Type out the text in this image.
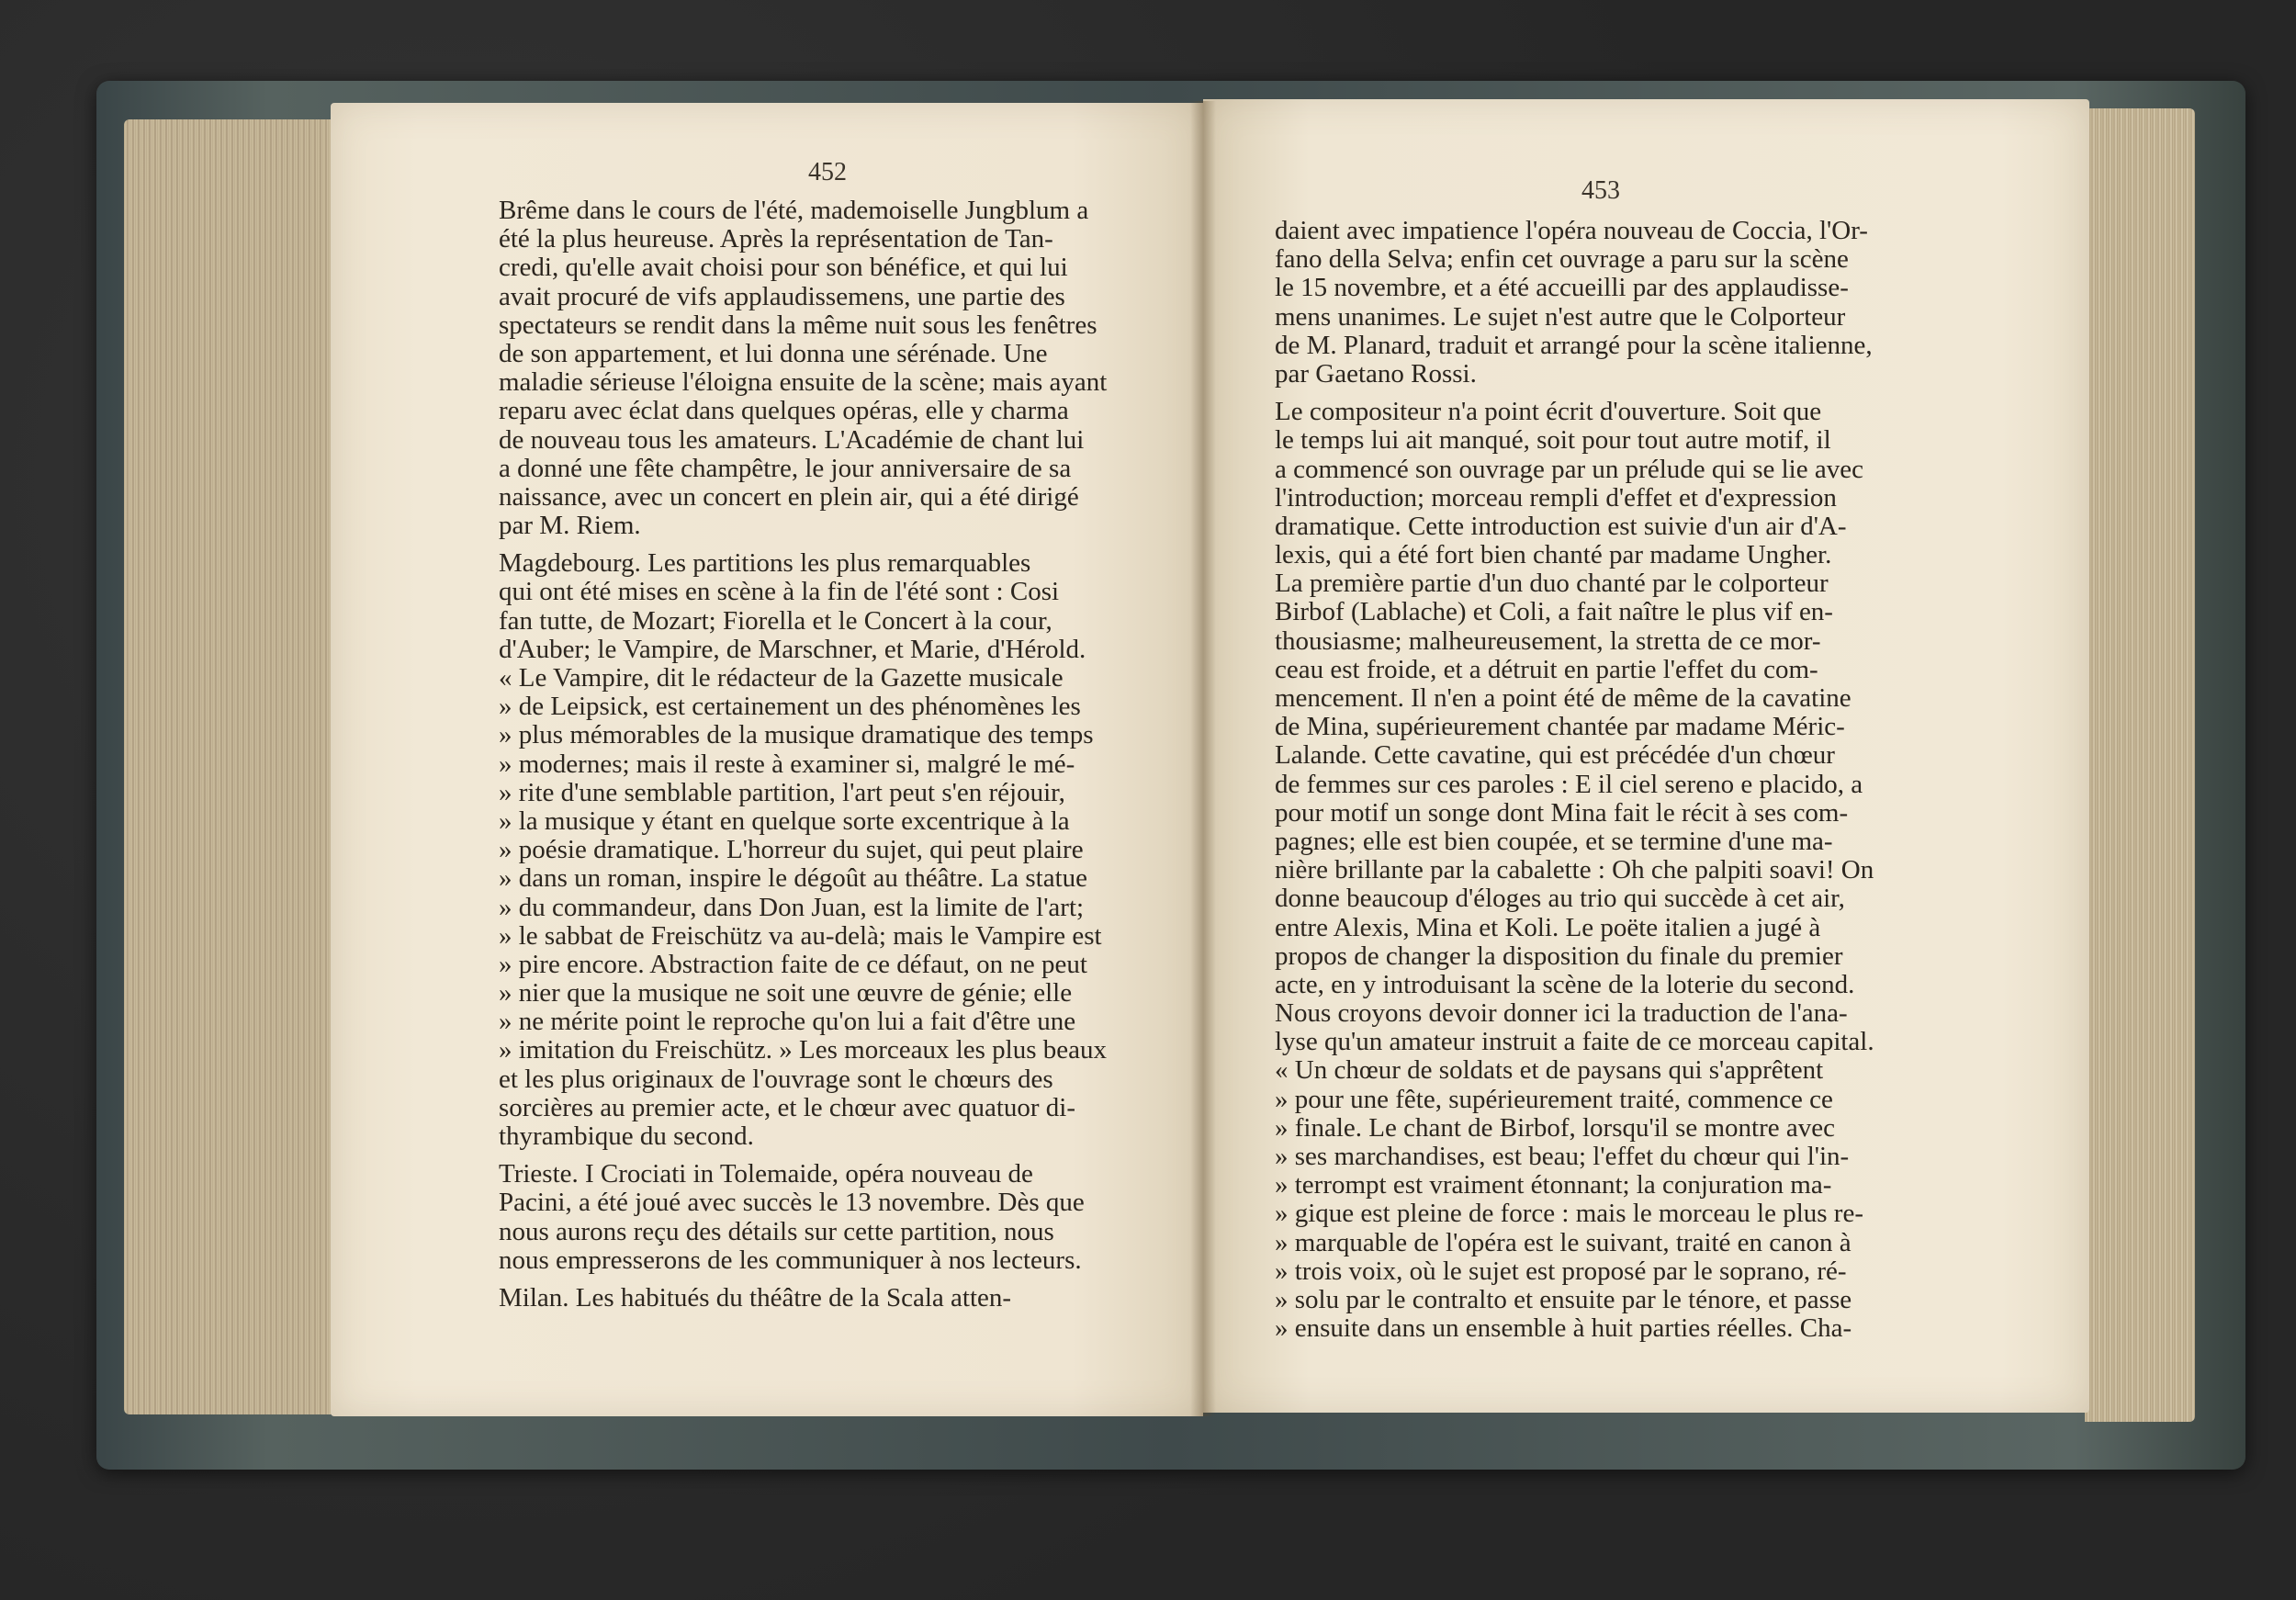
452
453
Brême dans le cours de l'été, mademoiselle Jungblum a
été la plus heureuse. Après la représentation de Tan-
credi, qu'elle avait choisi pour son bénéfice, et qui lui
avait procuré de vifs applaudissemens, une partie des
spectateurs se rendit dans la même nuit sous les fenêtres
de son appartement, et lui donna une sérénade. Une
maladie sérieuse l'éloigna ensuite de la scène; mais ayant
reparu avec éclat dans quelques opéras, elle y charma
de nouveau tous les amateurs. L'Académie de chant lui
a donné une fête champêtre, le jour anniversaire de sa
naissance, avec un concert en plein air, qui a été dirigé
par M. Riem.
Magdebourg. Les partitions les plus remarquables
qui ont été mises en scène à la fin de l'été sont : Cosi
fan tutte, de Mozart; Fiorella et le Concert à la cour,
d'Auber; le Vampire, de Marschner, et Marie, d'Hérold.
« Le Vampire, dit le rédacteur de la Gazette musicale
» de Leipsick, est certainement un des phénomènes les
» plus mémorables de la musique dramatique des temps
» modernes; mais il reste à examiner si, malgré le mé-
» rite d'une semblable partition, l'art peut s'en réjouir,
» la musique y étant en quelque sorte excentrique à la
» poésie dramatique. L'horreur du sujet, qui peut plaire
» dans un roman, inspire le dégoût au théâtre. La statue
» du commandeur, dans Don Juan, est la limite de l'art;
» le sabbat de Freischütz va au-delà; mais le Vampire est
» pire encore. Abstraction faite de ce défaut, on ne peut
» nier que la musique ne soit une œuvre de génie; elle
» ne mérite point le reproche qu'on lui a fait d'être une
» imitation du Freischütz. » Les morceaux les plus beaux
et les plus originaux de l'ouvrage sont le chœurs des
sorcières au premier acte, et le chœur avec quatuor di-
thyrambique du second.
Trieste. I Crociati in Tolemaide, opéra nouveau de
Pacini, a été joué avec succès le 13 novembre. Dès que
nous aurons reçu des détails sur cette partition, nous
nous empresserons de les communiquer à nos lecteurs.
Milan. Les habitués du théâtre de la Scala atten-
daient avec impatience l'opéra nouveau de Coccia, l'Or-
fano della Selva; enfin cet ouvrage a paru sur la scène
le 15 novembre, et a été accueilli par des applaudisse-
mens unanimes. Le sujet n'est autre que le Colporteur
de M. Planard, traduit et arrangé pour la scène italienne,
par Gaetano Rossi.
Le compositeur n'a point écrit d'ouverture. Soit que
le temps lui ait manqué, soit pour tout autre motif, il
a commencé son ouvrage par un prélude qui se lie avec
l'introduction; morceau rempli d'effet et d'expression
dramatique. Cette introduction est suivie d'un air d'A-
lexis, qui a été fort bien chanté par madame Ungher.
La première partie d'un duo chanté par le colporteur
Birbof (Lablache) et Coli, a fait naître le plus vif en-
thousiasme; malheureusement, la stretta de ce mor-
ceau est froide, et a détruit en partie l'effet du com-
mencement. Il n'en a point été de même de la cavatine
de Mina, supérieurement chantée par madame Méric-
Lalande. Cette cavatine, qui est précédée d'un chœur
de femmes sur ces paroles : E il ciel sereno e placido, a
pour motif un songe dont Mina fait le récit à ses com-
pagnes; elle est bien coupée, et se termine d'une ma-
nière brillante par la cabalette : Oh che palpiti soavi! On
donne beaucoup d'éloges au trio qui succède à cet air,
entre Alexis, Mina et Koli. Le poëte italien a jugé à
propos de changer la disposition du finale du premier
acte, en y introduisant la scène de la loterie du second.
Nous croyons devoir donner ici la traduction de l'ana-
lyse qu'un amateur instruit a faite de ce morceau capital.
« Un chœur de soldats et de paysans qui s'apprêtent
» pour une fête, supérieurement traité, commence ce
» finale. Le chant de Birbof, lorsqu'il se montre avec
» ses marchandises, est beau; l'effet du chœur qui l'in-
» terrompt est vraiment étonnant; la conjuration ma-
» gique est pleine de force : mais le morceau le plus re-
» marquable de l'opéra est le suivant, traité en canon à
» trois voix, où le sujet est proposé par le soprano, ré-
» solu par le contralto et ensuite par le ténore, et passe
» ensuite dans un ensemble à huit parties réelles. Cha-
